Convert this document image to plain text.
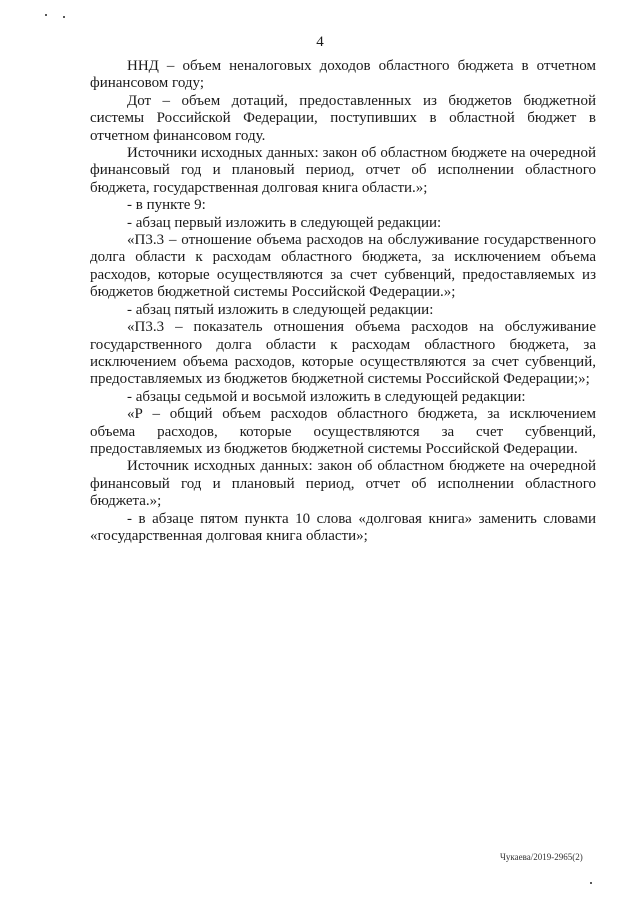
4

ННД – объем неналоговых доходов областного бюджета в отчетном финансовом году;

Дот – объем дотаций, предоставленных из бюджетов бюджетной системы Российской Федерации, поступивших в областной бюджет в отчетном финансовом году.

Источники исходных данных: закон об областном бюджете на очередной финансовый год и плановый период, отчет об исполнении областного бюджета, государственная долговая книга области.»;

- в пункте 9:

- абзац первый изложить в следующей редакции:

«П3.3 – отношение объема расходов на обслуживание государственного долга области к расходам областного бюджета, за исключением объема расходов, которые осуществляются за счет субвенций, предоставляемых из бюджетов бюджетной системы Российской Федерации.»;

- абзац пятый изложить в следующей редакции:

«П3.3 – показатель отношения объема расходов на обслуживание государственного долга области к расходам областного бюджета, за исключением объема расходов, которые осуществляются за счет субвенций, предоставляемых из бюджетов бюджетной системы Российской Федерации;»;

- абзацы седьмой и восьмой изложить в следующей редакции:

«Р – общий объем расходов областного бюджета, за исключением объема расходов, которые осуществляются за счет субвенций, предоставляемых из бюджетов бюджетной системы Российской Федерации.

Источник исходных данных: закон об областном бюджете на очередной финансовый год и плановый период, отчет об исполнении областного бюджета.»;

- в абзаце пятом пункта 10 слова «долговая книга» заменить словами «государственная долговая книга области»;

Чукаева/2019-2965(2)
